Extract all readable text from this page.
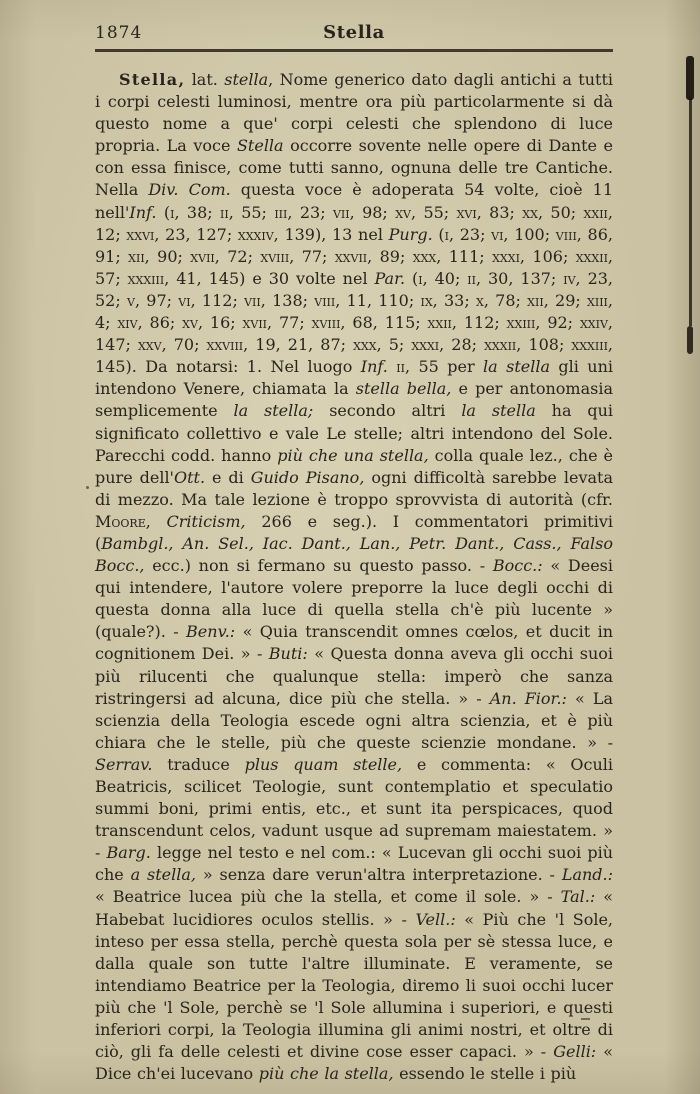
1874	Stella

Stella, lat. stella, Nome generico dato dagli antichi a tutti i corpi celesti luminosi, mentre ora più particolarmente si dà questo nome a que' corpi celesti che splendono di luce propria. La voce Stella occorre sovente nelle opere di Dante e con essa finisce, come tutti sanno, ognuna delle tre Cantiche. Nella Div. Com. questa voce è adoperata 54 volte, cioè 11 nell'Inf. (i, 38; ii, 55; iii, 23; vii, 98; xv, 55; xvi, 83; xx, 50; xxii, 12; xxvi, 23, 127; xxxiv, 139), 13 nel Purg. (i, 23; vi, 100; viii, 86, 91; xii, 90; xvii, 72; xviii, 77; xxvii, 89; xxx, 111; xxxi, 106; xxxii, 57; xxxiii, 41, 145) e 30 volte nel Par. (i, 40; ii, 30, 137; iv, 23, 52; v, 97; vi, 112; vii, 138; viii, 11, 110; ix, 33; x, 78; xii, 29; xiii, 4; xiv, 86; xv, 16; xvii, 77; xviii, 68, 115; xxii, 112; xxiii, 92; xxiv, 147; xxv, 70; xxviii, 19, 21, 87; xxx, 5; xxxi, 28; xxxii, 108; xxxiii, 145). Da notarsi: 1. Nel luogo Inf. ii, 55 per la stella gli uni intendono Venere, chiamata la stella bella, e per antonomasia semplicemente la stella; secondo altri la stella ha qui significato collettivo e vale Le stelle; altri intendono del Sole. Parecchi codd. hanno più che una stella, colla quale lez., che è pure dell'Ott. e di Guido Pisano, ogni difficoltà sarebbe levata di mezzo. Ma tale lezione è troppo sprovvista di autorità (cfr. Moore, Criticism, 266 e seg.). I commentatori primitivi (Bambgl., An. Sel., Iac. Dant., Lan., Petr. Dant., Cass., Falso Bocc., ecc.) non si fermano su questo passo. - Bocc.: « Deesi qui intendere, l'autore volere preporre la luce degli occhi di questa donna alla luce di quella stella ch'è più lucente » (quale?). - Benv.: « Quia transcendit omnes cœlos, et ducit in cognitionem Dei. » - Buti: « Questa donna aveva gli occhi suoi più rilucenti che qualunque stella: imperò che sanza ristringersi ad alcuna, dice più che stella. » - An. Fior.: « La scienzia della Teologia escede ogni altra scienzia, et è più chiara che le stelle, più che queste scienzie mondane. » - Serrav. traduce plus quam stelle, e commenta: « Oculi Beatricis, scilicet Teologie, sunt contemplatio et speculatio summi boni, primi entis, etc., et sunt ita perspicaces, quod transcendunt celos, vadunt usque ad supremam maiestatem. » - Barg. legge nel testo e nel com.: « Lucevan gli occhi suoi più che a stella, » senza dare verun'altra interpretazione. - Land.: « Beatrice lucea più che la stella, et come il sole. » - Tal.: « Habebat lucidiores oculos stellis. » - Vell.: « Più che 'l Sole, inteso per essa stella, perchè questa sola per sè stessa luce, e dalla quale son tutte l'altre illuminate. E veramente, se intendiamo Beatrice per la Teologia, diremo li suoi occhi lucer più che 'l Sole, perchè se 'l Sole allumina i superiori, e questi inferiori corpi, la Teologia illumina gli animi nostri, et oltre di ciò, gli fa delle celesti et divine cose esser capaci. » - Gelli: « Dice ch'ei lucevano più che la stella, essendo le stelle i più
